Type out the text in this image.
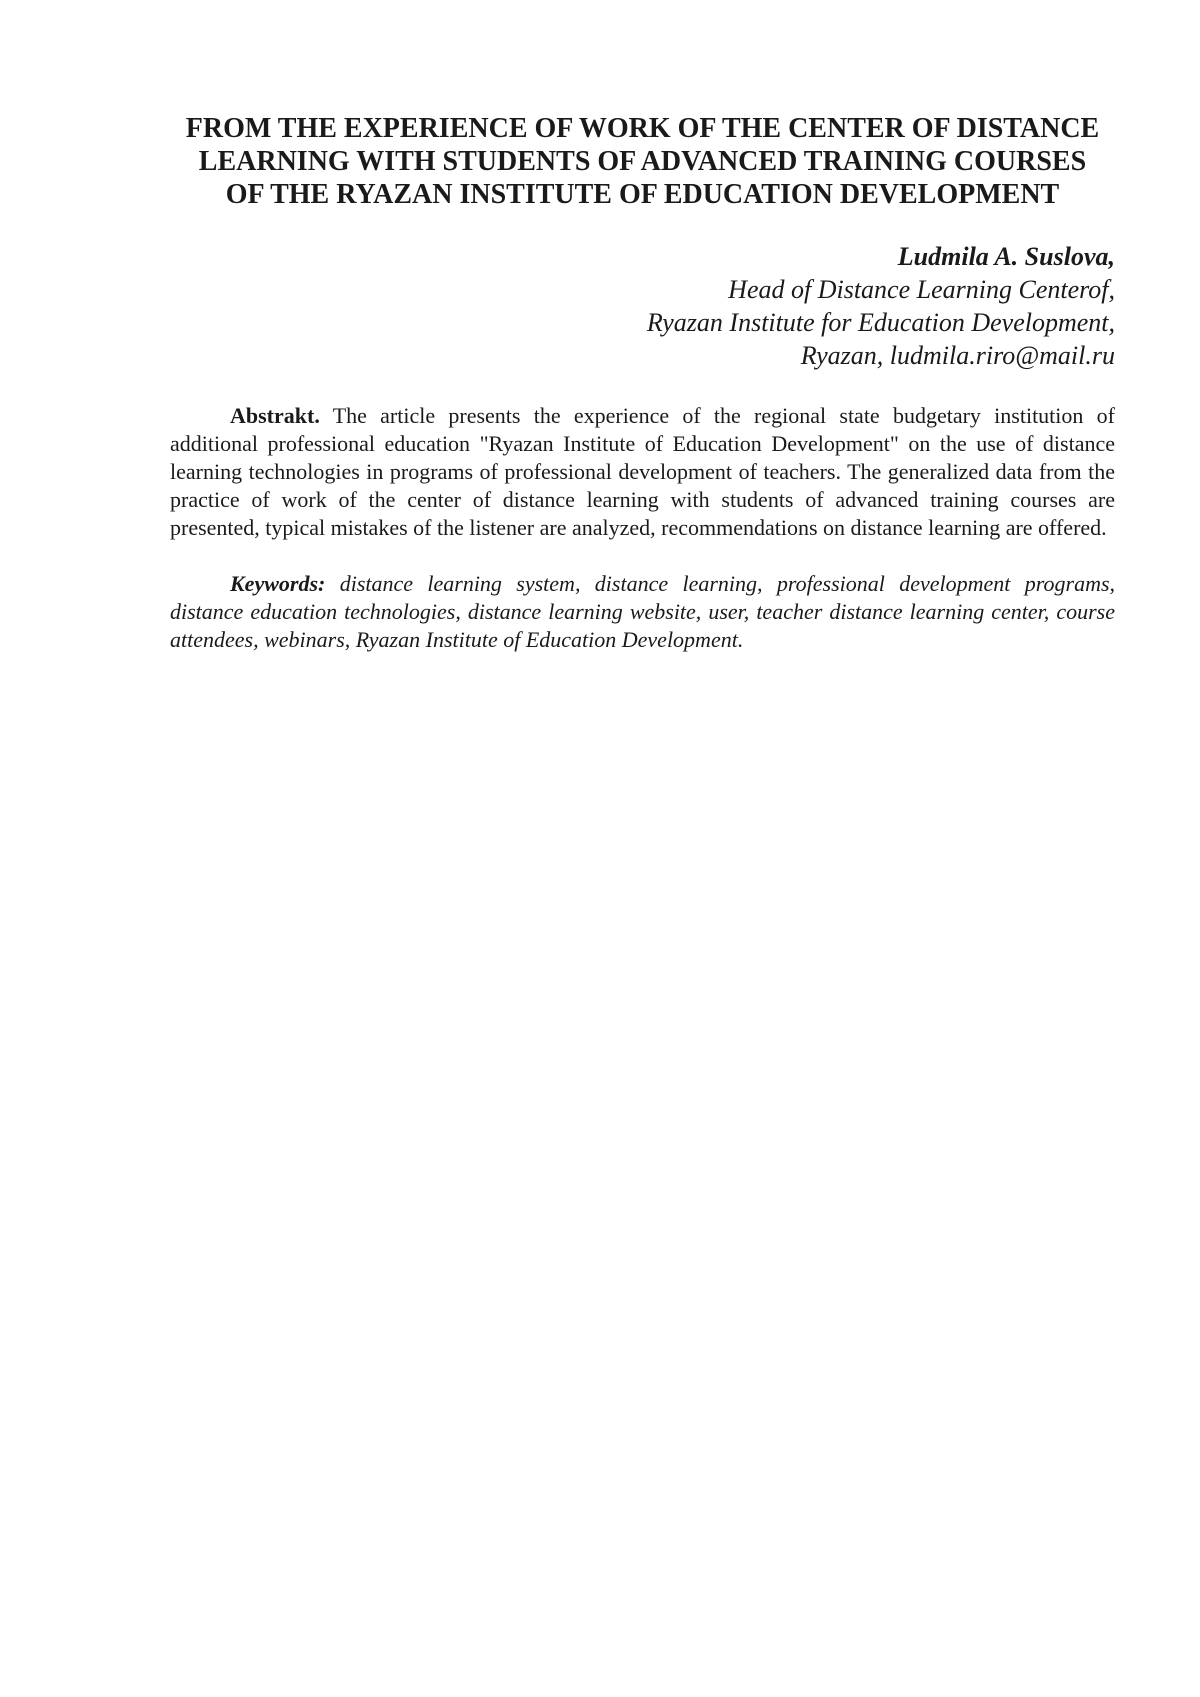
FROM THE EXPERIENCE OF WORK OF THE CENTER OF DISTANCE
LEARNING WITH STUDENTS OF ADVANCED TRAINING COURSES
OF THE RYAZAN INSTITUTE OF EDUCATION DEVELOPMENT
Ludmila A. Suslova,
Head of Distance Learning Centerof,
Ryazan Institute for Education Development,
Ryazan, ludmila.riro@mail.ru

Abstrakt. The article presents the experience of the regional state budgetary institution of additional professional education "Ryazan Institute of Education Development" on the use of distance learning technologies in programs of professional development of teachers. The generalized data from the practice of work of the center of distance learning with students of advanced training courses are presented, typical mistakes of the listener are analyzed, recommendations on distance learning are offered.

Keywords: distance learning system, distance learning, professional development programs, distance education technologies, distance learning website, user, teacher distance learning center, course attendees, webinars, Ryazan Institute of Education Development.
